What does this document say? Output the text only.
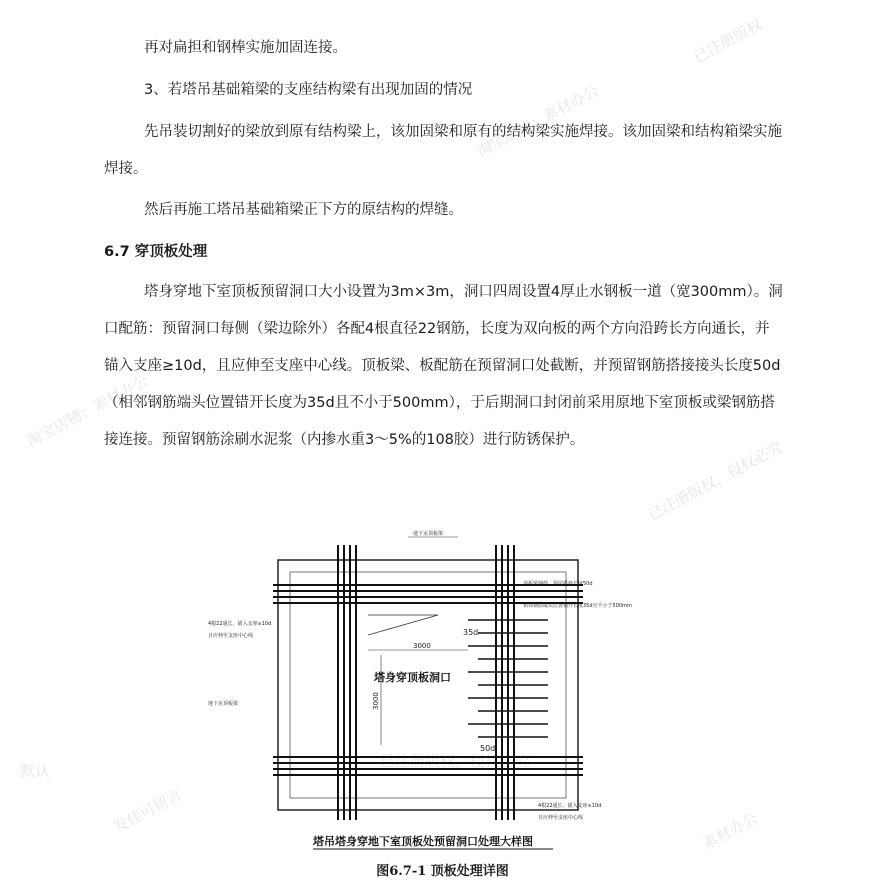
已注册版权
淘宝店铺：素材办公
已注册版权，侵权必究
发佳可留言
淘宝店铺：素材办公
已注册版权，侵权必究
默认
素材办公

再对扁担和钢棒实施加固连接。

3、若塔吊基础箱梁的支座结构梁有出现加固的情况

先吊装切割好的梁放到原有结构梁上，该加固梁和原有的结构梁实施焊接。该加固梁和结构箱梁实施焊接。

然后再施工塔吊基础箱梁正下方的原结构的焊缝。

6.7 穿顶板处理

塔身穿地下室顶板预留洞口大小设置为3m×3m，洞口四周设置4厚止水钢板一道（宽300mm）。洞口配筋：预留洞口每侧（梁边除外）各配4根直径22钢筋，长度为双向板的两个方向沿跨长方向通长，并锚入支座≥10d，且应伸至支座中心线。顶板梁、板配筋在预留洞口处截断，并预留钢筋搭接接头长度50d（相邻钢筋端头位置错开长度为35d且不小于500mm），于后期洞口封闭前采用原地下室顶板或梁钢筋搭接连接。预留钢筋涂刷水泥浆（内掺水重3～5%的108胶）进行防锈保护。

3000
3000
35d
50d
塔身穿顶板洞口
地下室顶板梁
顶板梁钢筋，预留搭接长度50d
相邻钢筋端头位置错开长度35d且不小于500mm
4根22通长，锚入支座≥10d
且应伸至支座中心线
地下室顶板梁
4根22通长，锚入支座≥10d
且应伸至支座中心线
塔吊塔身穿地下室顶板处预留洞口处理大样图
图6.7-1 顶板处理详图
